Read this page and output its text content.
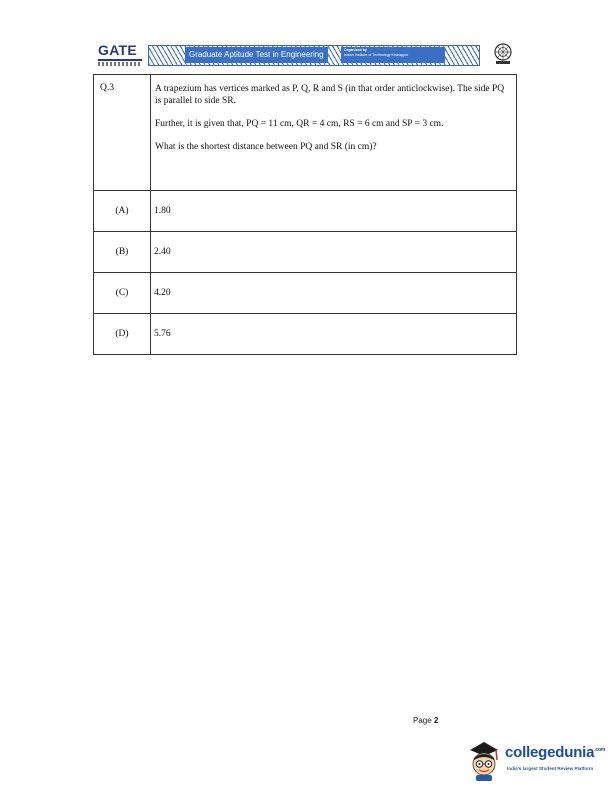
GATE	Graduate Aptitude Test in Engineering	Organized by
Indian Institute of Technology Kharagpur
Q.3	A trapezium has vertices marked as P, Q, R and S (in that order anticlockwise). The side PQ is parallel to side SR.

Further, it is given that, PQ = 11 cm, QR = 4 cm, RS = 6 cm and SP = 3 cm.

What is the shortest distance between PQ and SR (in cm)?

(A)	1.80
(B)	2.40
(C)	4.20
(D)	5.76
Page 2
collegedunia$^{.com}$
India's largest Student Review Platform
